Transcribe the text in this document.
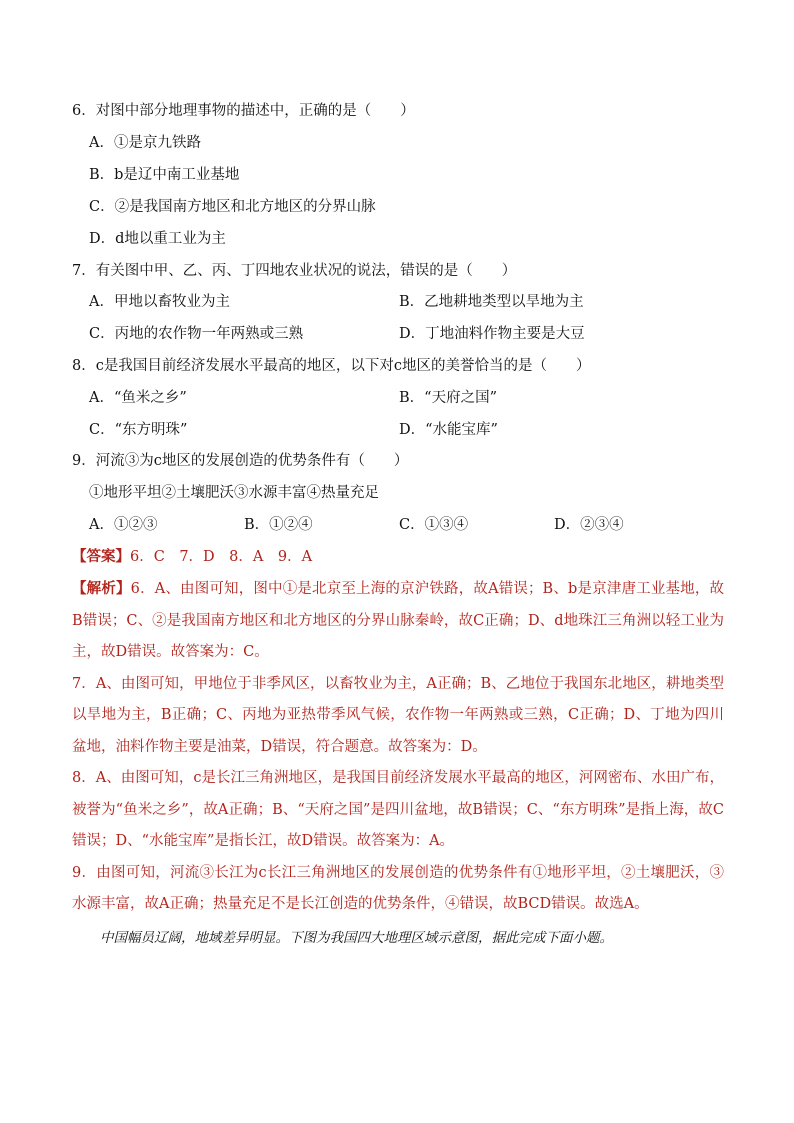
6．对图中部分地理事物的描述中，正确的是（　　）
A．①是京九铁路
B．b是辽中南工业基地
C．②是我国南方地区和北方地区的分界山脉
D．d地以重工业为主
7．有关图中甲、乙、丙、丁四地农业状况的说法，错误的是（　　）
A．甲地以畜牧业为主	B．乙地耕地类型以旱地为主
C．丙地的农作物一年两熟或三熟	D．丁地油料作物主要是大豆
8．c是我国目前经济发展水平最高的地区，以下对c地区的美誉恰当的是（　　）
A．“鱼米之乡”	B．“天府之国”
C．“东方明珠”	D．“水能宝库”
9．河流③为c地区的发展创造的优势条件有（　　）
①地形平坦②土壤肥沃③水源丰富④热量充足
A．①②③	B．①②④	C．①③④	D．②③④
【答案】6．C　7．D　8．A　9．A

【解析】6．A、由图可知，图中①是北京至上海的京沪铁路，故A错误；B、b是京津唐工业基地，故B错误；C、②是我国南方地区和北方地区的分界山脉秦岭，故C正确；D、d地珠江三角洲以轻工业为主，故D错误。故答案为：C。

7．A、由图可知，甲地位于非季风区，以畜牧业为主，A正确；B、乙地位于我国东北地区，耕地类型以旱地为主，B正确；C、丙地为亚热带季风气候，农作物一年两熟或三熟，C正确；D、丁地为四川盆地，油料作物主要是油菜，D错误，符合题意。故答案为：D。

8．A、由图可知，c是长江三角洲地区，是我国目前经济发展水平最高的地区，河网密布、水田广布，被誉为“鱼米之乡”，故A正确；B、“天府之国”是四川盆地，故B错误；C、“东方明珠”是指上海，故C错误；D、“水能宝库”是指长江，故D错误。故答案为：A。

9．由图可知，河流③长江为c长江三角洲地区的发展创造的优势条件有①地形平坦，②土壤肥沃，③水源丰富，故A正确；热量充足不是长江创造的优势条件，④错误，故BCD错误。故选A。

中国幅员辽阔，地域差异明显。下图为我国四大地理区域示意图，据此完成下面小题。
